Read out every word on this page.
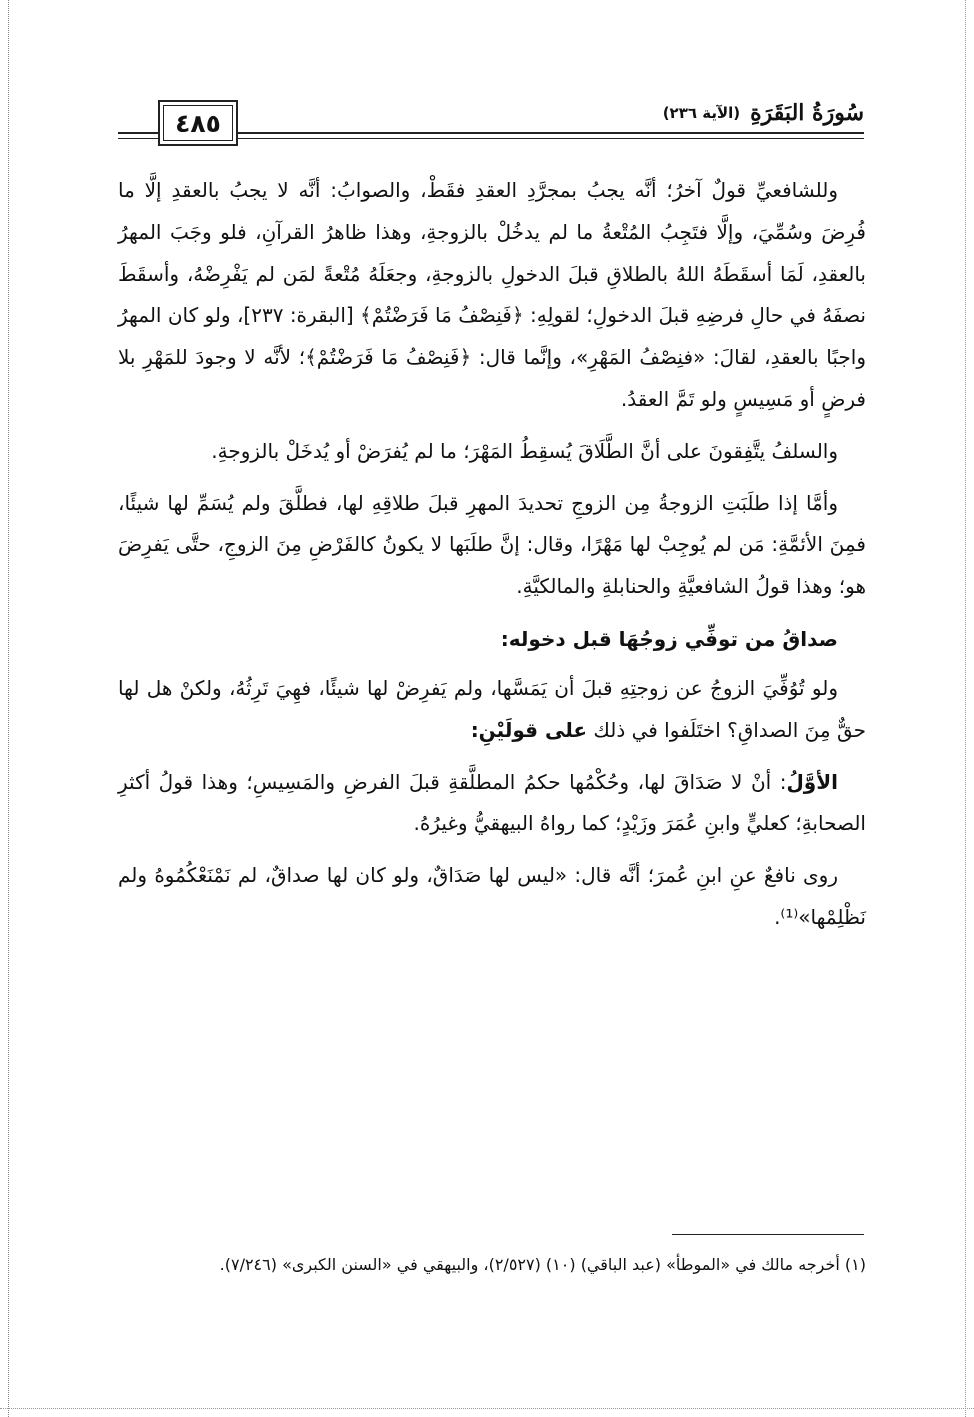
٤٨٥	سُورَةُ البَقَرَةِ
(الآية ٢٣٦)

وللشافعيِّ قولٌ آخرُ؛ أنَّه يجبُ بمجرَّدِ العقدِ فقَطْ، والصوابُ: أنَّه لا يجبُ بالعقدِ إلَّا ما فُرِضَ وسُمِّيَ، وإلَّا فتَجِبُ المُتْعةُ ما لم يدخُلْ بالزوجةِ، وهذا ظاهرُ القرآنِ، فلو وجَبَ المهرُ بالعقدِ، لَمَا أسقَطَهُ اللهُ بالطلاقِ قبلَ الدخولِ بالزوجةِ، وجعَلَهُ مُتْعةً لمَن لم يَفْرِضْهُ، وأسقَطَ نصفَهُ في حالِ فرضِهِ قبلَ الدخولِ؛ لقولِهِ: ﴿فَنِصْفُ مَا فَرَضْتُمْ﴾ [البقرة: ٢٣٧]، ولو كان المهرُ واجبًا بالعقدِ، لقالَ: «فنِصْفُ المَهْرِ»، وإنَّما قال: ﴿فَنِصْفُ مَا فَرَضْتُمْ﴾؛ لأنَّه لا وجودَ للمَهْرِ بلا فرضٍ أو مَسِيسٍ ولو تَمَّ العقدُ.

والسلفُ يتَّفِقونَ على أنَّ الطَّلَاقَ يُسقِطُ المَهْرَ؛ ما لم يُفرَضْ أو يُدخَلْ بالزوجةِ.

وأمَّا إذا طلَبَتِ الزوجةُ مِن الزوجِ تحديدَ المهرِ قبلَ طلاقِهِ لها، فطلَّقَ ولم يُسَمِّ لها شيئًا، فمِنَ الأئمَّةِ: مَن لم يُوجِبْ لها مَهْرًا، وقال: إنَّ طلَبَها لا يكونُ كالفَرْضِ مِنَ الزوجِ، حتَّى يَفرِضَ هو؛ وهذا قولُ الشافعيَّةِ والحنابلةِ والمالكيَّةِ.

صداقُ من توفِّي زوجُهَا قبل دخوله:

ولو تُوُفِّيَ الزوجُ عن زوجتِهِ قبلَ أن يَمَسَّها، ولم يَفرِضْ لها شيئًا، فهِيَ تَرِثُهُ، ولكنْ هل لها حقٌّ مِنَ الصداقِ؟ اختَلَفوا في ذلك على قولَيْنِ:

الأوَّلُ: أنْ لا صَدَاقَ لها، وحُكْمُها حكمُ المطلَّقةِ قبلَ الفرضِ والمَسِيسِ؛ وهذا قولُ أكثرِ الصحابةِ؛ كعليٍّ وابنِ عُمَرَ وزَيْدٍ؛ كما رواهُ البيهقيُّ وغيرُهُ.

روى نافعٌ عنِ ابنِ عُمرَ؛ أنَّه قال: «ليس لها صَدَاقٌ، ولو كان لها صداقٌ، لم نَمْنَعْكُمُوهُ ولم نَظْلِمْها»⁽¹⁾.

(١) أخرجه مالك في «الموطأ» (عبد الباقي) (١٠) (٢/٥٢٧)، والبيهقي في «السنن الكبرى» (٧/٢٤٦).
